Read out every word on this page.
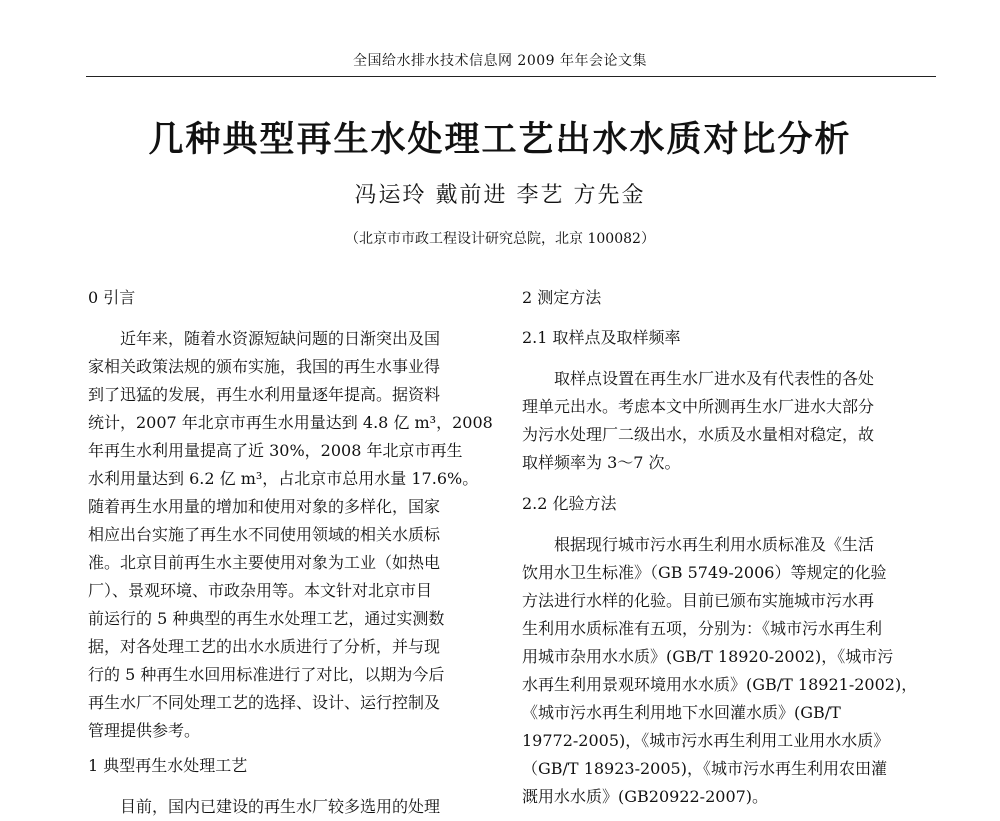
全国给水排水技术信息网 2009 年年会论文集
几种典型再生水处理工艺出水水质对比分析
冯运玲 戴前进 李艺 方先金
（北京市市政工程设计研究总院，北京 100082）

0 引言

近年来，随着水资源短缺问题的日渐突出及国
家相关政策法规的颁布实施，我国的再生水事业得
到了迅猛的发展，再生水利用量逐年提高。据资料
统计，2007 年北京市再生水用量达到 4.8 亿 m³，2008
年再生水利用量提高了近 30%，2008 年北京市再生
水利用量达到 6.2 亿 m³，占北京市总用水量 17.6%。
随着再生水用量的增加和使用对象的多样化，国家
相应出台实施了再生水不同使用领域的相关水质标
准。北京目前再生水主要使用对象为工业（如热电
厂）、景观环境、市政杂用等。本文针对北京市目
前运行的 5 种典型的再生水处理工艺，通过实测数
据，对各处理工艺的出水水质进行了分析，并与现
行的 5 种再生水回用标准进行了对比，以期为今后
再生水厂不同处理工艺的选择、设计、运行控制及
管理提供参考。

1 典型再生水处理工艺

目前，国内已建设的再生水厂较多选用的处理

2 测定方法

2.1 取样点及取样频率

取样点设置在再生水厂进水及有代表性的各处
理单元出水。考虑本文中所测再生水厂进水大部分
为污水处理厂二级出水，水质及水量相对稳定，故
取样频率为 3～7 次。

2.2 化验方法

根据现行城市污水再生利用水质标准及《生活
饮用水卫生标准》（GB 5749-2006）等规定的化验
方法进行水样的化验。目前已颁布实施城市污水再
生利用水质标准有五项，分别为：《城市污水再生利
用城市杂用水水质》(GB/T 18920-2002)，《城市污
水再生利用景观环境用水水质》(GB/T 18921-2002)，
《城市污水再生利用地下水回灌水质》(GB/T
19772-2005)，《城市污水再生利用工业用水水质》
（GB/T 18923-2005)，《城市污水再生利用农田灌
溉用水水质》(GB20922-2007)。
